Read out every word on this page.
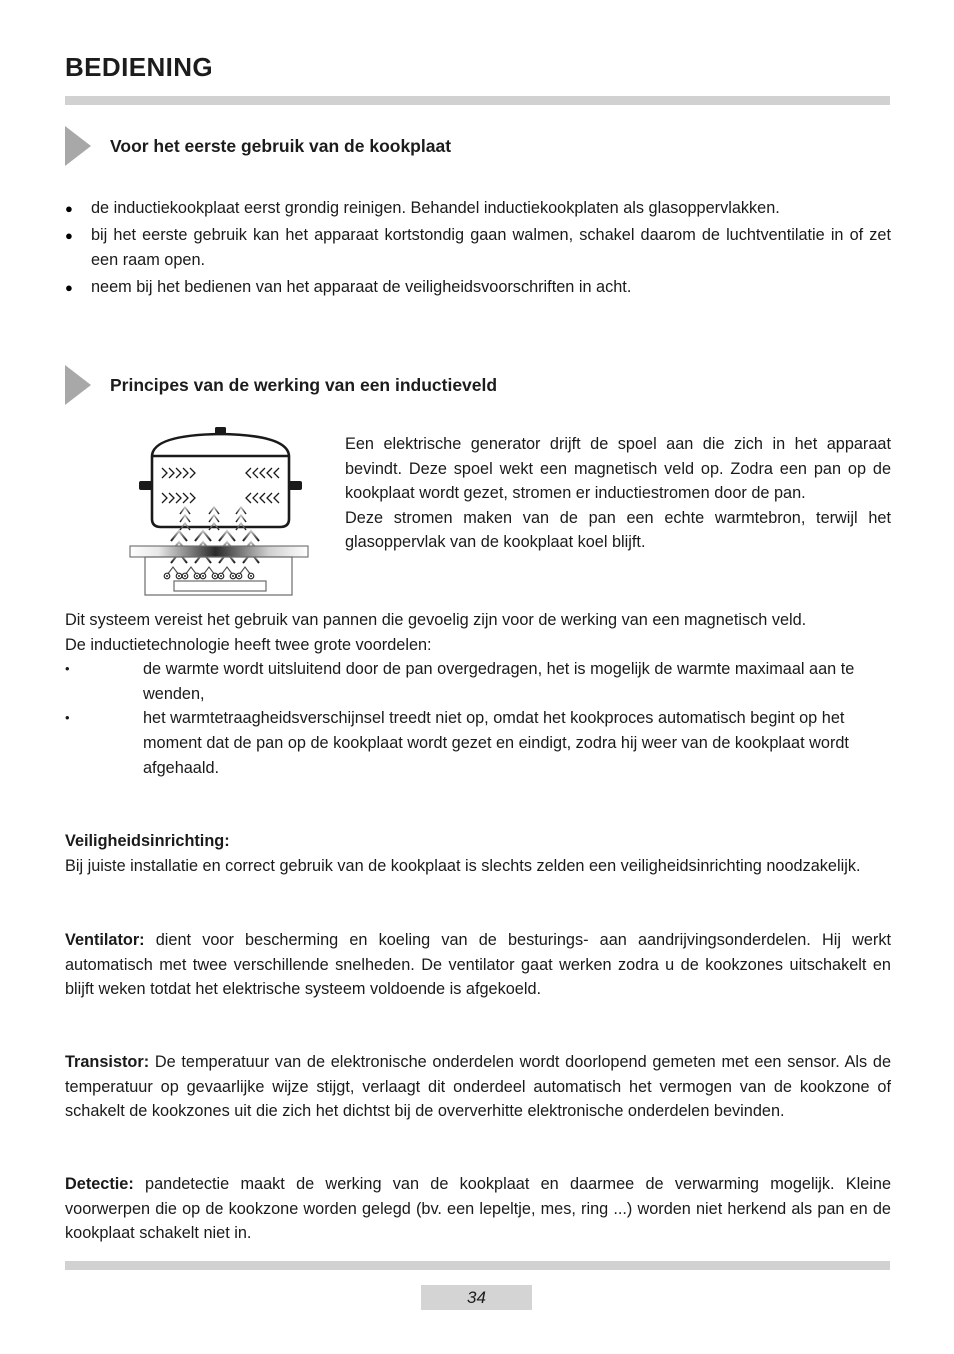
BEDIENING
Voor het eerste gebruik van de kookplaat
●	de inductiekookplaat eerst grondig reinigen. Behandel inductiekookplaten als glasoppervlakken.
●	bij het eerste gebruik kan het apparaat kortstondig gaan walmen, schakel daarom de luchtventilatie in of zet een raam open.
●	neem bij het bedienen van het apparaat de veiligheidsvoorschriften in acht.
Principes van de werking van een inductieveld

Een elektrische generator drijft de spoel aan die zich in het apparaat bevindt. Deze spoel wekt een magnetisch veld op. Zodra een pan op de kookplaat wordt gezet, stromen er inductiestromen door de pan.

Deze stromen maken van de pan een echte warmtebron, terwijl het glasoppervlak van de kookplaat koel blijft.

Dit systeem vereist het gebruik van pannen die gevoelig zijn voor de werking van een magnetisch veld.

De inductietechnologie heeft twee grote voordelen:

•	de warmte wordt uitsluitend door de pan overgedragen, het is mogelijk de warmte maximaal aan te wenden,
•	het warmtetraagheidsverschijnsel treedt niet op, omdat het kookproces automatisch begint op het moment dat de pan op de kookplaat wordt gezet en eindigt, zodra hij weer van de kookplaat wordt afgehaald.

Veiligheidsinrichting:

Bij juiste installatie en correct gebruik van de kookplaat is slechts zelden een veiligheidsinrichting noodzakelijk.

Ventilator: dient voor bescherming en koeling van de besturings- aan aandrijvingsonderdelen. Hij werkt automatisch met twee verschillende snelheden. De ventilator gaat werken zodra u de kookzones uitschakelt en blijft weken totdat het elektrische systeem voldoende is afgekoeld.

Transistor: De temperatuur van de elektronische onderdelen wordt doorlopend gemeten met een sensor. Als de temperatuur op gevaarlijke wijze stijgt, verlaagt dit onderdeel automatisch het vermogen van de kookzone of schakelt de kookzones uit die zich het dichtst bij de oververhitte elektronische onderdelen bevinden.

Detectie: pandetectie maakt de werking van de kookplaat en daarmee de verwarming mogelijk. Kleine voorwerpen die op de kookzone worden gelegd (bv. een lepeltje, mes, ring ...) worden niet herkend als pan en de kookplaat schakelt niet in.

34
